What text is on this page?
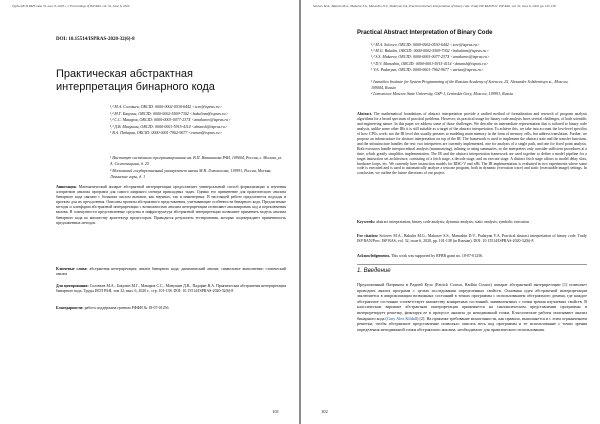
Труды ИСП РАН, том 32, вып. 6, 2020 г. // Proceedings of ISP RAS, vol. 32, issue 6, 2020
DOI: 10.15514/ISPRAS-2020-32(6)-8
Практическая абстрактная интерпретация бинарного кода
¹,² М.А. Соловьев, ORCID: 0000-0002-0530-6442 <icee@ispras.ru>
¹,² М.Г. Бакулин, ORCID: 0000-0002-5569-7302 <bakulinm@ispras.ru>
¹,² С.С. Макаров, ORCID: 0000-0003-0077-237X <amakarov@ispras.ru>
¹,³ Д.В. Манушин, ORCID: 0000-0001-5915-4114 <dmansh@ispras.ru>
¹ В.А. Падарян, ORCID: 0000-0001-7962-9677 <vartan@ispras.ru>
¹ Институт системного программирования им. В.П. Иванникова РАН, 109004, Россия, г. Москва, ул. А. Солженицына, д. 25
² Московский государственный университет имени М.В. Ломоносова, 119991, Россия, Москва, Ленинские горы, д. 1
Аннотация. Математический аппарат абстрактной интерпретации предоставляет универсальный способ формализации и изучения алгоритмов анализа программ для самого широкого спектра прикладных задач. Однако его применение для практического анализа бинарного кода связано с большим числом вызовов, как научных, так и инженерных. В настоящей работе предлагаются подходы и проекты для их преодоления. Описаны проекты абстрактного представления, учитывающие особенности бинарного кода. Предлагаемые методы и платформа абстрактной интерпретации с возможностью анализа интерпретации позволяют анализировать код и переключения вызова. В совокупности представленные средства и инфраструктура абстрактной интерпретации позволяют применять модель анализа бинарного кода ко множеству архитектур процессоров. Приводятся результаты тестирования, которые подтверждают применимость предложенных методов.
Ключевые слова: абстрактная интерпретация; анализ бинарного кода; динамический анализ; символьное выполнение; статический анализ
Для цитирования: Соловьев М.А., Бакулин М.Г., Макаров С.С., Манушин Д.В., Падарян В.А. Практическая абстрактная интерпретация бинарного кода. Труды ИСП РАН, том 32, вып. 6, 2020 г., стр. 101-138. DOI: 10.15514/ISPRAS-2020-32(6)-8
Благодарности: работа поддержана грантом РФФИ № 18-07-01256.
101
Solovev M.A., Bakulin M.G., Makarov S.S., Manushin D.V., Padaryan V.A. Practical abstract interpretation of binary code. Trudy ISP RAN/Proc. ISP RAS, vol. 32, issue 6, 2020, pp. 101-138
Practical Abstract Interpretation of Binary Code
¹,² M.A. Solovev, ORCID: 0000-0002-0530-6442 <icee@ispras.ru>
¹,² M.G. Bakulin, ORCID: 0000-0002-5569-7302 <bakulinm@ispras.ru>
¹,² S.S. Makarov, ORCID: 0000-0003-0077-237X <amakarov@ispras.ru>
¹,³ D.V. Manushin, ORCID: 0000-0001-5915-4114 <dmansh@ispras.ru>
¹ V.A. Padaryan, ORCID: 0000-0001-7962-9677 <vartan@ispras.ru>
¹ Ivannikov Institute for System Programming of the Russian Academy of Sciences, 25, Alexander Solzhenitsyn st., Moscow, 109004, Russia
² Lomonosov Moscow State University, GSP-1, Leninskie Gory, Moscow, 119991, Russia
Abstract. The mathematical foundations of abstract interpretation provide a unified method of formalization and research of program analysis algorithms for a broad spectrum of practical problems. However, its practical usage for binary code analysis faces several challenges, of both scientific and engineering nature. In this paper we address some of those challenges. We describe an intermediate representation that is tailored to binary code analysis, unlike some other IRs it is still suitable as a target of the abstract interpretation. To achieve this, we take into account the low-level specifics of how CPUs work: not the IR level this usually pertains to modeling main memory in the form of memory cells, but address translation. Further, we propose an infrastructure for abstract interpretation on top of the IR. The framework is used to implement the abstract state and the transfer functions, and the infrastructure handles the rest: two interpreters are currently implemented, one for analysis of a single path, and one for fixed point analysis. Both executors handle interprocedural analysis (summarizing), inlining or using summaries, so the interpreters only consider sufficient procedures at a time, which greatly simplifies implementation. The IR and the abstract interpretation framework are used together to define a model pipeline for a target instruction set architecture, consisting of a fetch stage, a decode stage, and an execute stage. A distinct fetch stage allows to model delay slots, hardware loops, etc. We currently have instruction models for RISC-V and x86. The IR implementation is evaluated in two experiments where some code is executed and is used to automatically analyze a testcase program, both in dynamic (execution trace) and static (executable image) settings. In conclusion, we outline the future directions of our project.
Keywords: abstract interpretation; binary code analysis; dynamic analysis; static analysis; symbolic execution
For citation: Solovev M.A., Bakulin M.G., Makarov S.S., Manushin D.V., Padaryan V.A. Practical abstract interpretation of binary code. Trudy ISP RAN/Proc. ISP RAS, vol. 32, issue 6, 2020, pp. 101-138 (in Russian). DOI: 10.15514/ISPRAS-2020-32(6)-8
Acknowledgements. This work was supported by RFBR grant no. 18-07-01256.
1. Введение
Предложенный Патриком и Радией Кузо (Patrick Cousot, Radhia Cousot) аппарат абстрактной интерпретации [1] позволяет проводить анализ программ с целью исследования определенных свойств. Основная идея абстрактной интерпретации заключается в аппроксимации возможных состояний в точках программы с использованием абстрактного домена, где каждое абстрактное состояние соответствует множеству конкретных состояний, эквивалентных с точки зрения изучаемых свойств. В классическом варианте абстрактная интерпретация применяется на синтаксическом представлении программы и интерпретирует решетку, фиксируя ее в процессе анализа до неподвижной точки. Классические работы описывают анализ бинарного кода (Gary Alex Kildall) [2]. На практике требование монотонности, как правило, выполняется и с этим ограничением решетки, чтобы абстрактное представление позволяло описать весь код программы и ее использование с точки зрения определения неподвижной точки абстрактного анализа, необходимого для практического использования.
102
